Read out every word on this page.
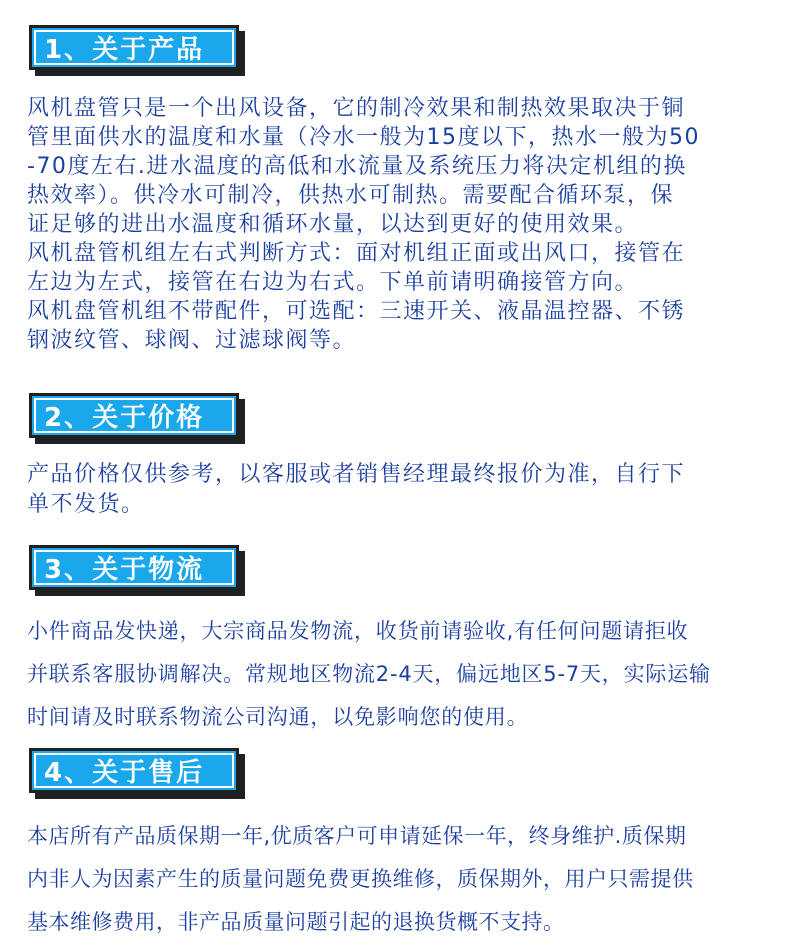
1、关于产品
风机盘管只是一个出风设备，它的制冷效果和制热效果取决于铜
管里面供水的温度和水量（冷水一般为15度以下，热水一般为50
-70度左右.进水温度的高低和水流量及系统压力将决定机组的换
热效率）。供冷水可制冷，供热水可制热。需要配合循环泵，保
证足够的进出水温度和循环水量，以达到更好的使用效果。
风机盘管机组左右式判断方式：面对机组正面或出风口，接管在
左边为左式，接管在右边为右式。下单前请明确接管方向。
风机盘管机组不带配件，可选配：三速开关、液晶温控器、不锈
钢波纹管、球阀、过滤球阀等。
2、关于价格
产品价格仅供参考，以客服或者销售经理最终报价为准，自行下
单不发货。
3、关于物流
小件商品发快递，大宗商品发物流，收货前请验收,有任何问题请拒收
并联系客服协调解决。常规地区物流2-4天，偏远地区5-7天，实际运输
时间请及时联系物流公司沟通，以免影响您的使用。
4、关于售后
本店所有产品质保期一年,优质客户可申请延保一年，终身维护.质保期
内非人为因素产生的质量问题免费更换维修，质保期外，用户只需提供
基本维修费用，非产品质量问题引起的退换货概不支持。
